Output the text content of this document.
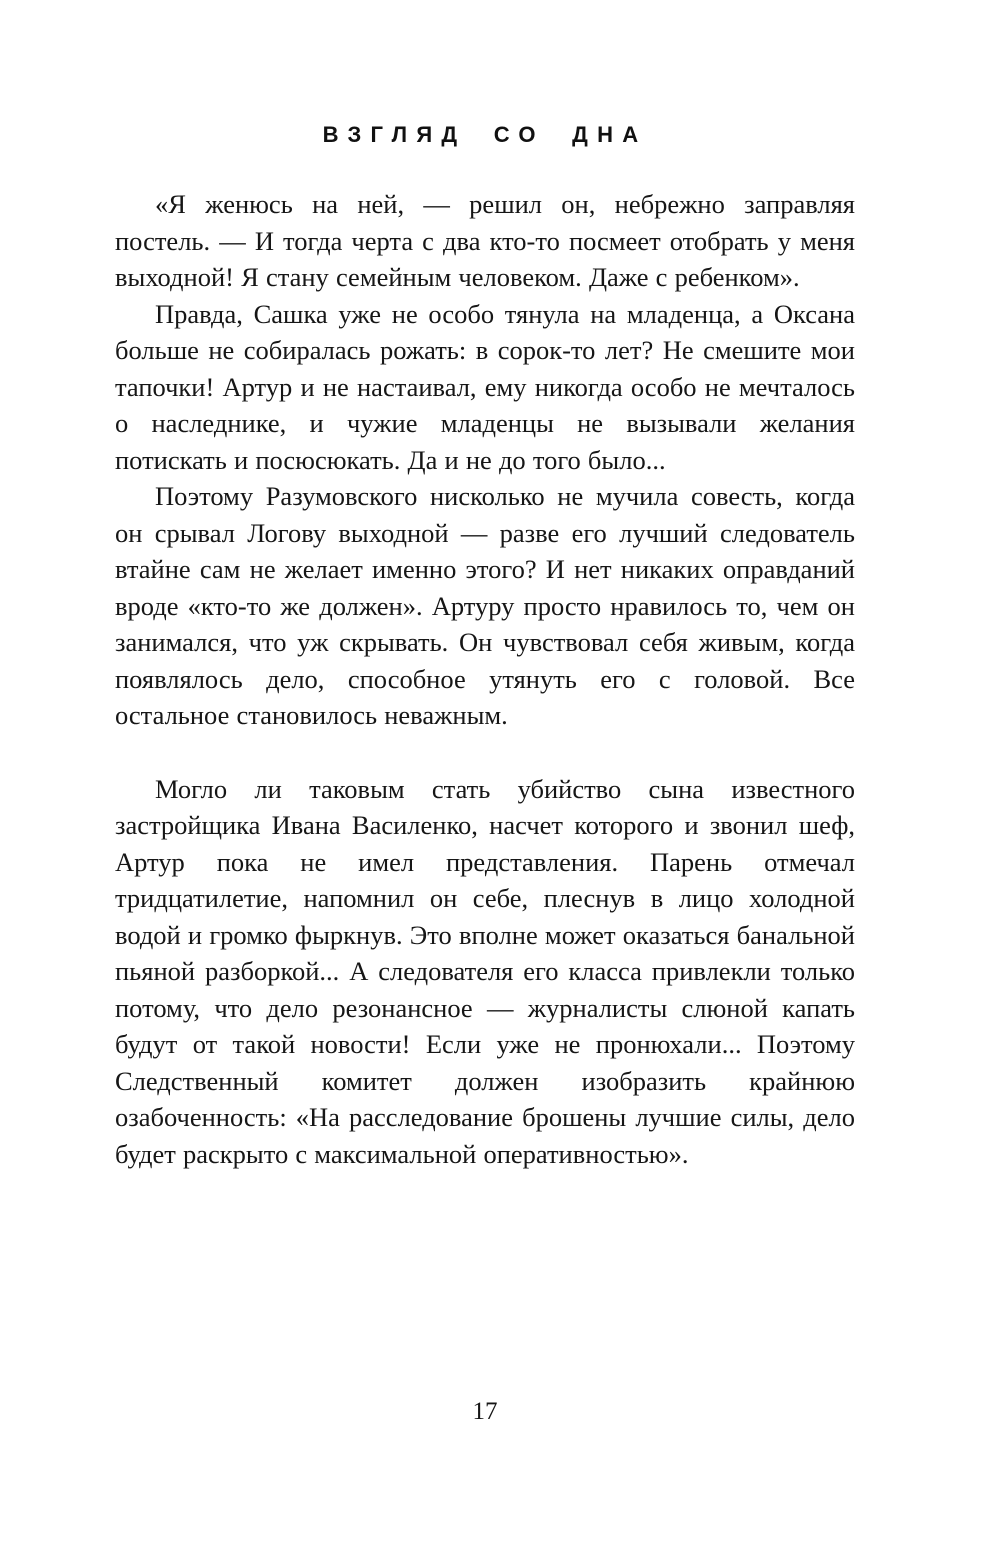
ВЗГЛЯД СО ДНА

«Я женюсь на ней, — решил он, небрежно заправляя постель. — И тогда черта с два кто-то посмеет отобрать у меня выходной! Я стану семейным человеком. Даже с ребенком».

Правда, Сашка уже не особо тянула на младенца, а Оксана больше не собиралась рожать: в сорок-то лет? Не смешите мои тапочки! Артур и не настаивал, ему никогда особо не мечталось о наследнике, и чужие младенцы не вызывали желания потискать и посюсюкать. Да и не до того было...

Поэтому Разумовского нисколько не мучила совесть, когда он срывал Логову выходной — разве его лучший следователь втайне сам не желает именно этого? И нет никаких оправданий вроде «кто-то же должен». Артуру просто нравилось то, чем он занимался, что уж скрывать. Он чувствовал себя живым, когда появлялось дело, способное утянуть его с головой. Все остальное становилось неважным.

Могло ли таковым стать убийство сына известного застройщика Ивана Василенко, насчет которого и звонил шеф, Артур пока не имел представления. Парень отмечал тридцатилетие, напомнил он себе, плеснув в лицо холодной водой и громко фыркнув. Это вполне может оказаться банальной пьяной разборкой... А следователя его класса привлекли только потому, что дело резонансное — журналисты слюной капать будут от такой новости! Если уже не пронюхали... Поэтому Следственный комитет должен изобразить крайнюю озабоченность: «На расследование брошены лучшие силы, дело будет раскрыто с максимальной оперативностью».

17
